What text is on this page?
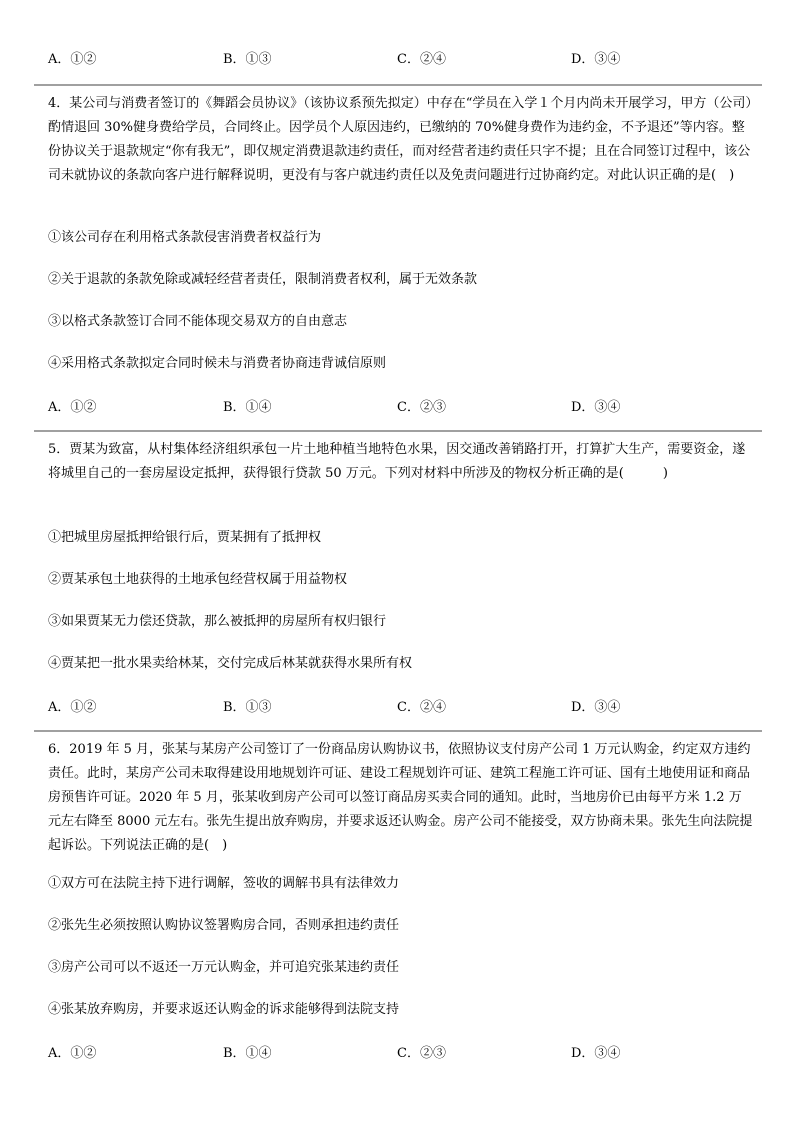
A．①②	B．①③	C．②④	D．③④

4．某公司与消费者签订的《舞蹈会员协议》（该协议系预先拟定）中存在“学员在入学１个月内尚未开展学习，甲方（公司）酌情退回 30%健身费给学员，合同终止。因学员个人原因违约，已缴纳的 70%健身费作为违约金，不予退还”等内容。整份协议关于退款规定“你有我无”，即仅规定消费退款违约责任，而对经营者违约责任只字不提；且在合同签订过程中，该公司未就协议的条款向客户进行解释说明，更没有与客户就违约责任以及免责问题进行过协商约定。对此认识正确的是(　)

①该公司存在利用格式条款侵害消费者权益行为

②关于退款的条款免除或减轻经营者责任，限制消费者权利，属于无效条款

③以格式条款签订合同不能体现交易双方的自由意志

④采用格式条款拟定合同时候未与消费者协商违背诚信原则

A．①②	B．①④	C．②③	D．③④

5．贾某为致富，从村集体经济组织承包一片土地种植当地特色水果，因交通改善销路打开，打算扩大生产，需要资金，遂将城里自己的一套房屋设定抵押，获得银行贷款 50 万元。下列对材料中所涉及的物权分析正确的是(　　　)

①把城里房屋抵押给银行后，贾某拥有了抵押权

②贾某承包土地获得的土地承包经营权属于用益物权

③如果贾某无力偿还贷款，那么被抵押的房屋所有权归银行

④贾某把一批水果卖给林某，交付完成后林某就获得水果所有权

A．①②	B．①③	C．②④	D．③④

6．2019 年 5 月，张某与某房产公司签订了一份商品房认购协议书，依照协议支付房产公司 1 万元认购金，约定双方违约责任。此时，某房产公司未取得建设用地规划许可证、建设工程规划许可证、建筑工程施工许可证、国有土地使用证和商品房预售许可证。2020 年 5 月，张某收到房产公司可以签订商品房买卖合同的通知。此时，当地房价已由每平方米 1.2 万元左右降至 8000 元左右。张先生提出放弃购房，并要求返还认购金。房产公司不能接受，双方协商未果。张先生向法院提起诉讼。下列说法正确的是(　)

①双方可在法院主持下进行调解，签收的调解书具有法律效力

②张先生必须按照认购协议签署购房合同，否则承担违约责任

③房产公司可以不返还一万元认购金，并可追究张某违约责任

④张某放弃购房，并要求返还认购金的诉求能够得到法院支持

A．①②	B．①④	C．②③	D．③④
